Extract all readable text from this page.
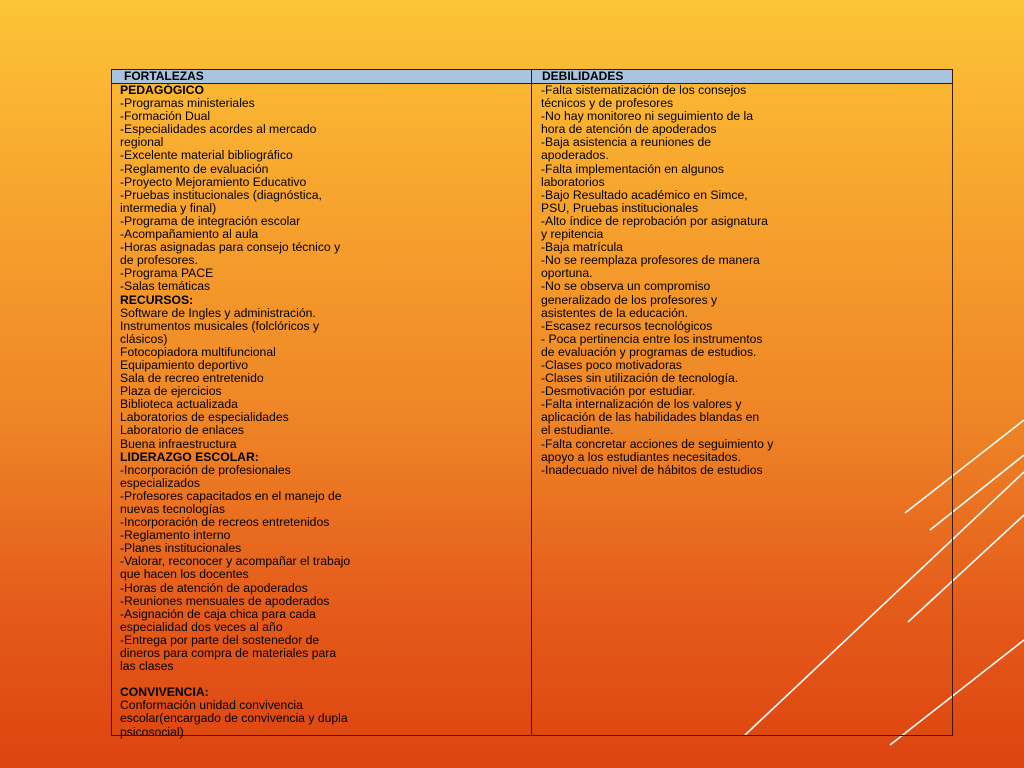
FORTALEZAS	DEBILIDADES
PEDAGÓGICO
-Programas ministeriales
-Formación Dual
-Especialidades acordes al mercado
regional
-Excelente material bibliográfico
-Reglamento de evaluación
-Proyecto Mejoramiento Educativo
-Pruebas institucionales (diagnóstica,
intermedia y final)
-Programa de integración escolar
-Acompañamiento al aula
-Horas asignadas para consejo técnico y
de profesores.
-Programa PACE
-Salas temáticas
RECURSOS:
Software de Ingles y administración.
Instrumentos musicales (folclóricos y
clásicos)
Fotocopiadora multifuncional
Equipamiento deportivo
Sala de recreo entretenido
Plaza de ejercicios
Biblioteca actualizada
Laboratorios de especialidades
Laboratorio de enlaces
Buena infraestructura
LIDERAZGO ESCOLAR:
-Incorporación de profesionales
especializados
-Profesores capacitados en el manejo de
nuevas tecnologías
-Incorporación de recreos entretenidos
-Reglamento interno
-Planes institucionales
-Valorar, reconocer y acompañar el trabajo
que hacen los docentes
-Horas de atención de apoderados
-Reuniones mensuales de apoderados
-Asignación de caja chica para cada
especialidad dos veces al año
-Entrega por parte del sostenedor de
dineros para compra de materiales para
las clases
CONVIVENCIA:
Conformación unidad convivencia
escolar(encargado de convivencia y dupla
psicosocial)
-Falta sistematización de los consejos
técnicos y de profesores
-No hay monitoreo ni seguimiento de la
hora de atención de apoderados
-Baja asistencia a reuniones de
apoderados.
-Falta implementación en algunos
laboratorios
-Bajo Resultado académico en Simce,
PSU, Pruebas institucionales
-Alto índice de reprobación por asignatura
y repitencia
-Baja matrícula
-No se reemplaza profesores de manera
oportuna.
-No se observa un compromiso
generalizado de los profesores y
asistentes de la educación.
-Escasez recursos tecnológicos
- Poca pertinencia entre los instrumentos
de evaluación y programas de estudios.
-Clases poco motivadoras
-Clases sin utilización de tecnología.
-Desmotivación por estudiar.
-Falta internalización de los valores y
aplicación de las habilidades blandas en
el estudiante.
-Falta concretar acciones de seguimiento y
apoyo a los estudiantes necesitados.
-Inadecuado nivel de hábitos de estudios
